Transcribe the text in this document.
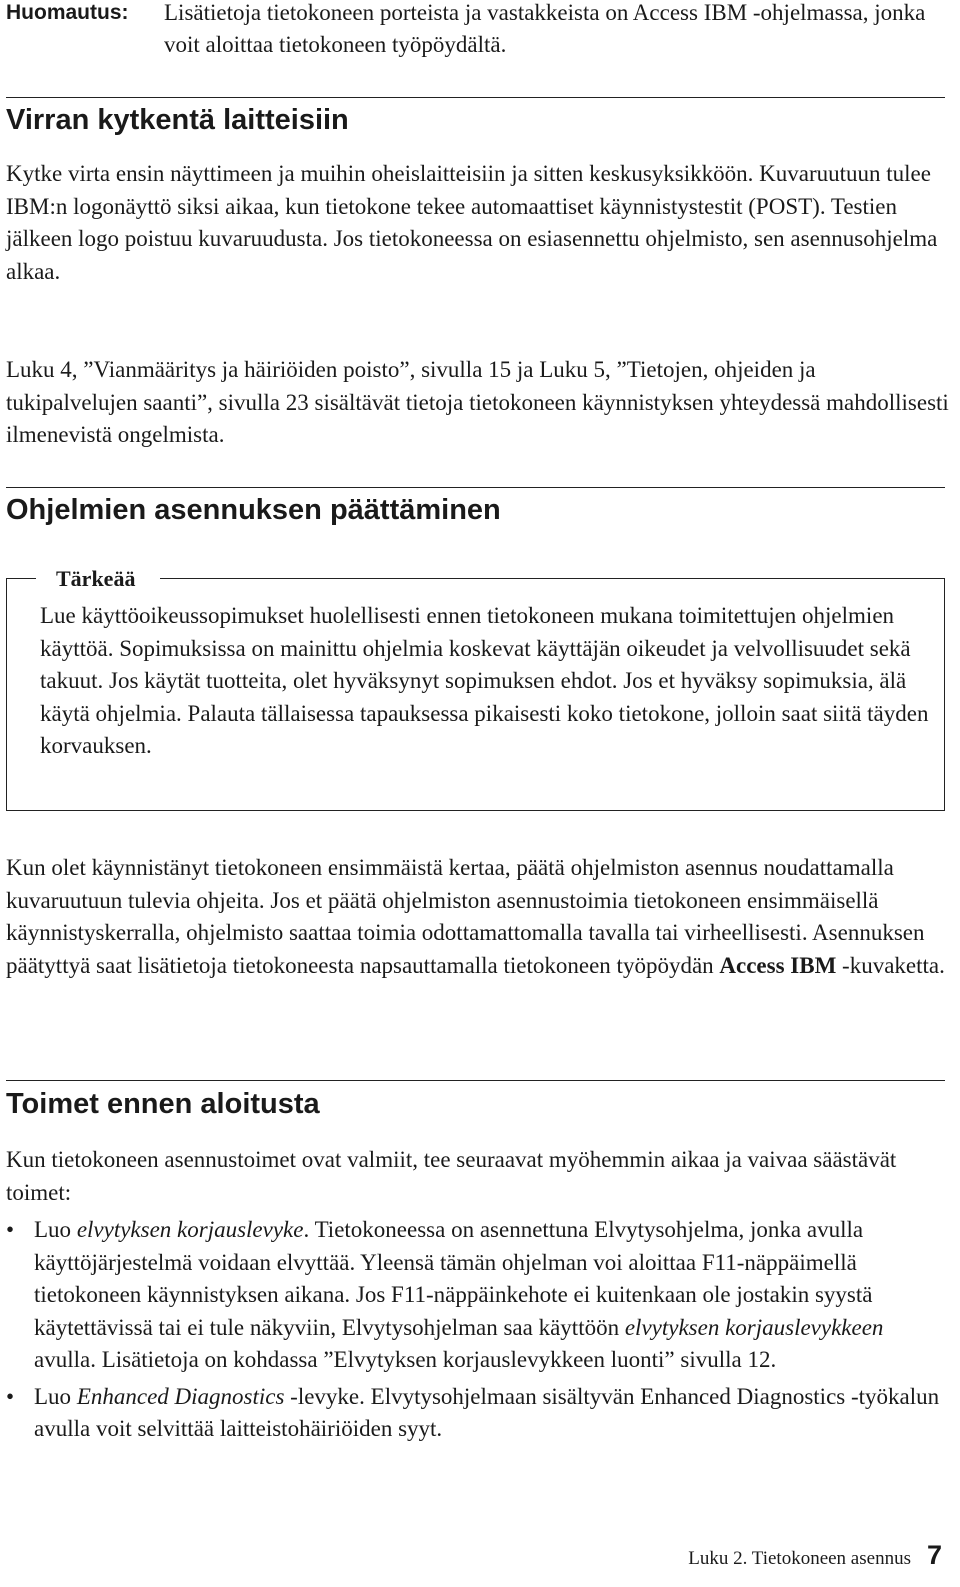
Huomautus:	Lisätietoja tietokoneen porteista ja vastakkeista on Access IBM -ohjelmassa, jonka voit aloittaa tietokoneen työpöydältä.
Virran kytkentä laitteisiin

Kytke virta ensin näyttimeen ja muihin oheislaitteisiin ja sitten keskusyksikköön. Kuvaruutuun tulee IBM:n logonäyttö siksi aikaa, kun tietokone tekee automaattiset käynnistystestit (POST). Testien jälkeen logo poistuu kuvaruudusta. Jos tietokoneessa on esiasennettu ohjelmisto, sen asennusohjelma alkaa.

Luku 4, ”Vianmääritys ja häiriöiden poisto”, sivulla 15 ja Luku 5, ”Tietojen, ohjeiden ja tukipalvelujen saanti”, sivulla 23 sisältävät tietoja tietokoneen käynnistyksen yhteydessä mahdollisesti ilmenevistä ongelmista.

Ohjelmien asennuksen päättäminen
Tärkeää

Lue käyttöoikeussopimukset huolellisesti ennen tietokoneen mukana toimitettujen ohjelmien käyttöä. Sopimuksissa on mainittu ohjelmia koskevat käyttäjän oikeudet ja velvollisuudet sekä takuut. Jos käytät tuotteita, olet hyväksynyt sopimuksen ehdot. Jos et hyväksy sopimuksia, älä käytä ohjelmia. Palauta tällaisessa tapauksessa pikaisesti koko tietokone, jolloin saat siitä täyden korvauksen.

Kun olet käynnistänyt tietokoneen ensimmäistä kertaa, päätä ohjelmiston asennus noudattamalla kuvaruutuun tulevia ohjeita. Jos et päätä ohjelmiston asennustoimia tietokoneen ensimmäisellä käynnistyskerralla, ohjelmisto saattaa toimia odottamattomalla tavalla tai virheellisesti. Asennuksen päätyttyä saat lisätietoja tietokoneesta napsauttamalla tietokoneen työpöydän Access IBM -kuvaketta.

Toimet ennen aloitusta

Kun tietokoneen asennustoimet ovat valmiit, tee seuraavat myöhemmin aikaa ja vaivaa säästävät toimet:

• Luo elvytyksen korjauslevyke. Tietokoneessa on asennettuna Elvytysohjelma, jonka avulla käyttöjärjestelmä voidaan elvyttää. Yleensä tämän ohjelman voi aloittaa F11-näppäimellä tietokoneen käynnistyksen aikana. Jos F11-näppäinkehote ei kuitenkaan ole jostakin syystä käytettävissä tai ei tule näkyviin, Elvytysohjelman saa käyttöön elvytyksen korjauslevykkeen avulla. Lisätietoja on kohdassa ”Elvytyksen korjauslevykkeen luonti” sivulla 12.
• Luo Enhanced Diagnostics -levyke. Elvytysohjelmaan sisältyvän Enhanced Diagnostics -työkalun avulla voit selvittää laitteistohäiriöiden syyt.
Luku 2. Tietokoneen asennus 7
